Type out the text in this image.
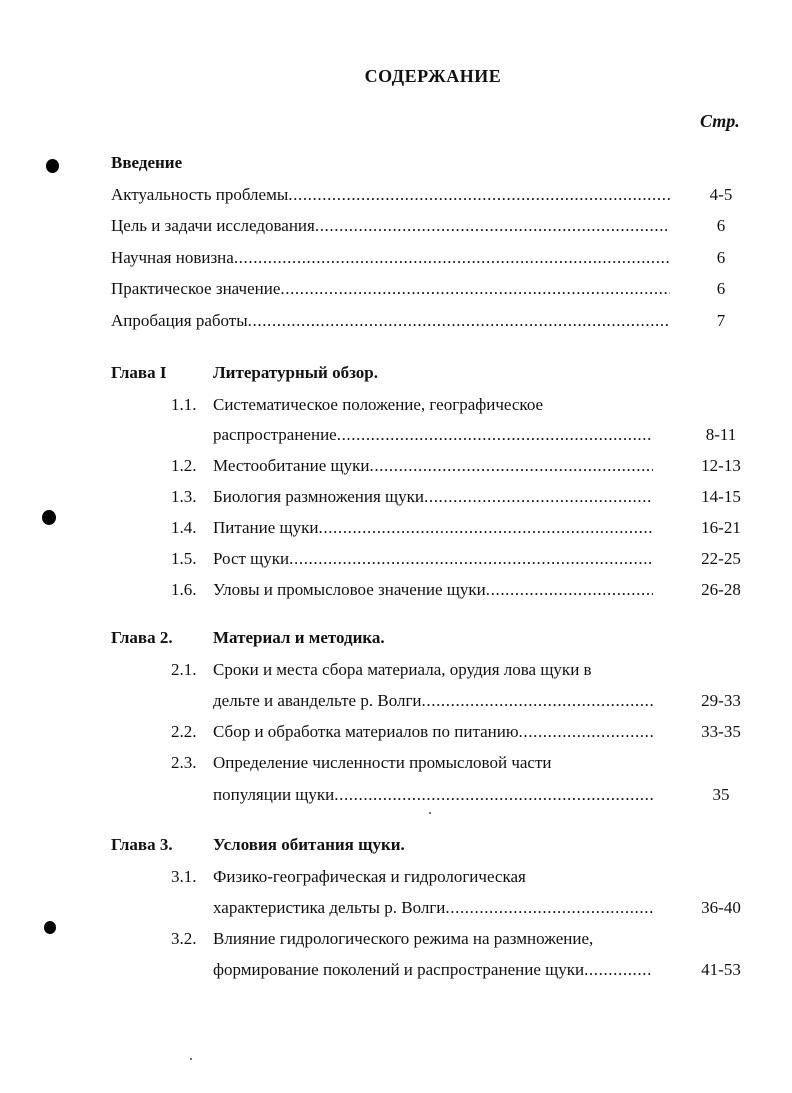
СОДЕРЖАНИЕ
Стр.
Введение
Актуальность проблемы .....	4-5
Цель и задачи исследования .....	6
Научная новизна .....	6
Практическое значение .....	6
Апробация работы .....	7
Глава I	Литературный обзор.
1.1. Систематическое положение, географическое
распространение .....	8-11
1.2. Местообитание щуки .....	12-13
1.3. Биология размножения щуки .....	14-15
1.4. Питание щуки .....	16-21
1.5. Рост щуки .....	22-25
1.6. Уловы и промысловое значение щуки .....	26-28
Глава 2. Материал и методика.
2.1. Сроки и места сбора материала, орудия лова щуки в
дельте и авандельте р. Волги .....	29-33
2.2. Сбор и обработка материалов по питанию .....	33-35
2.3. Определение численности промысловой части
популяции щуки .....	35
Глава 3. Условия обитания щуки.
3.1. Физико-географическая и гидрологическая
характеристика дельты р. Волги .....	36-40
3.2. Влияние гидрологического режима на размножение,
формирование поколений и распространение щуки .....	41-53
